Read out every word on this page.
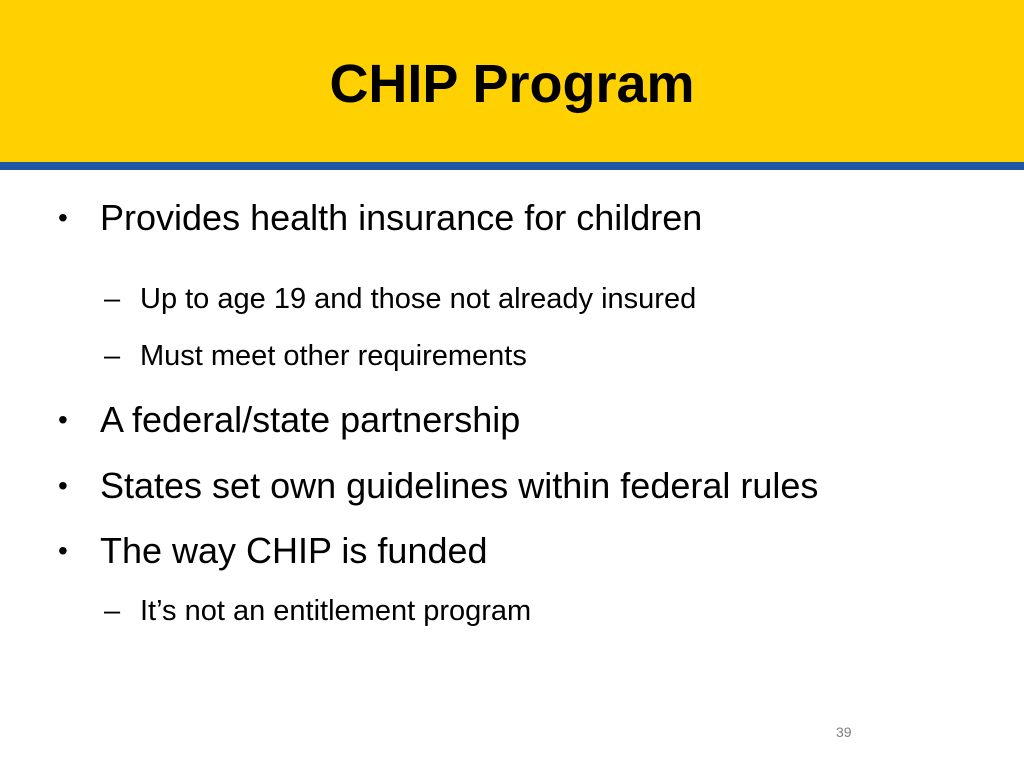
CHIP Program
• Provides health insurance for children
– Up to age 19 and those not already insured
– Must meet other requirements
• A federal/state partnership
• States set own guidelines within federal rules
• The way CHIP is funded
– It’s not an entitlement program
39
